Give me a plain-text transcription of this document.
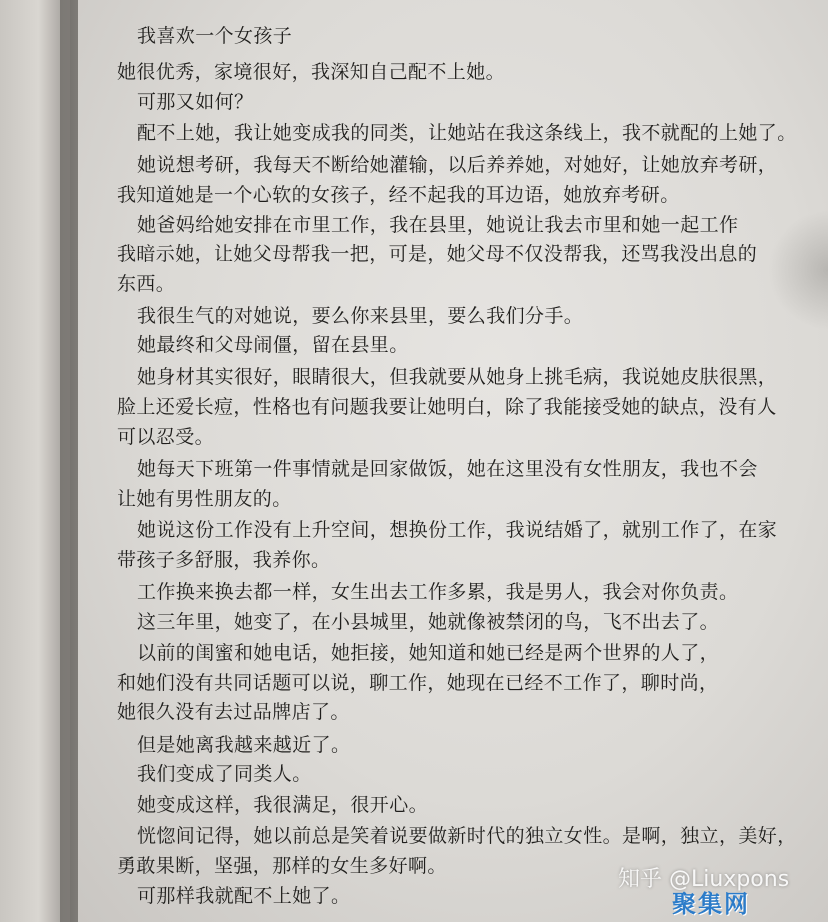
我喜欢一个女孩子
她很优秀，家境很好，我深知自己配不上她。
可那又如何？
配不上她，我让她变成我的同类，让她站在我这条线上，我不就配的上她了。
她说想考研，我每天不断给她灌输，以后养养她，对她好，让她放弃考研，
我知道她是一个心软的女孩子，经不起我的耳边语，她放弃考研。
她爸妈给她安排在市里工作，我在县里，她说让我去市里和她一起工作
我暗示她，让她父母帮我一把，可是，她父母不仅没帮我，还骂我没出息的
东西。
我很生气的对她说，要么你来县里，要么我们分手。
她最终和父母闹僵，留在县里。
她身材其实很好，眼睛很大，但我就要从她身上挑毛病，我说她皮肤很黑，
脸上还爱长痘，性格也有问题我要让她明白，除了我能接受她的缺点，没有人
可以忍受。
她每天下班第一件事情就是回家做饭，她在这里没有女性朋友，我也不会
让她有男性朋友的。
她说这份工作没有上升空间，想换份工作，我说结婚了，就别工作了，在家
带孩子多舒服，我养你。
工作换来换去都一样，女生出去工作多累，我是男人，我会对你负责。
这三年里，她变了，在小县城里，她就像被禁闭的鸟，飞不出去了。
以前的闺蜜和她电话，她拒接，她知道和她已经是两个世界的人了，
和她们没有共同话题可以说，聊工作，她现在已经不工作了，聊时尚，
她很久没有去过品牌店了。
但是她离我越来越近了。
我们变成了同类人。
她变成这样，我很满足，很开心。
恍惚间记得，她以前总是笑着说要做新时代的独立女性。是啊，独立，美好，
勇敢果断，坚强，那样的女生多好啊。
可那样我就配不上她了。
知乎 @Liuxpons
聚集网
